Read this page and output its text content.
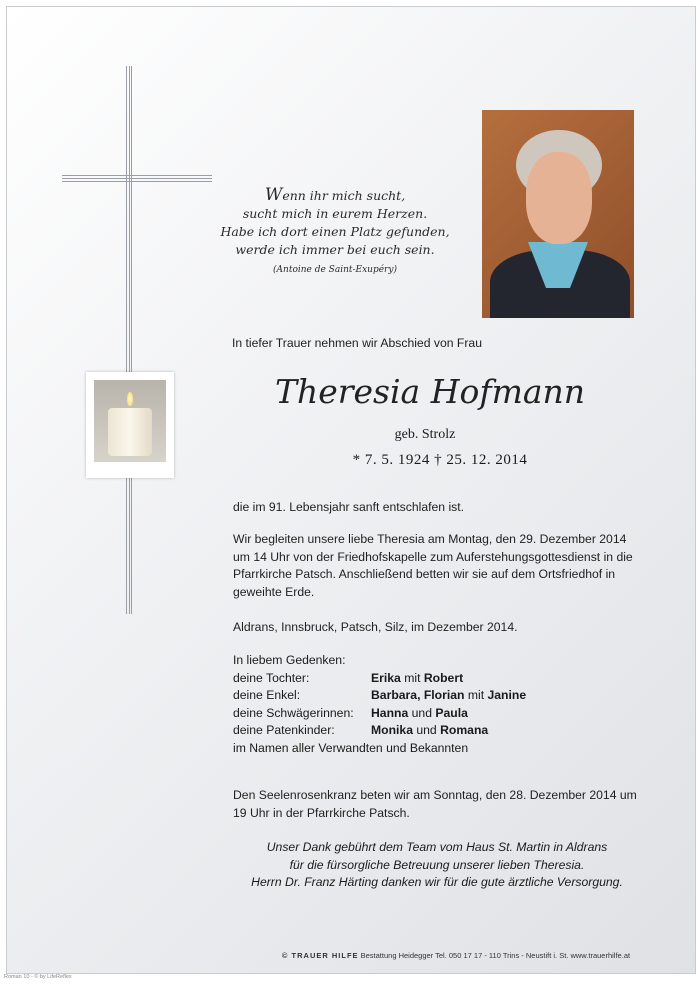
Wenn ihr mich sucht,
sucht mich in eurem Herzen.
Habe ich dort einen Platz gefunden,
werde ich immer bei euch sein.
(Antoine de Saint-Exupéry)
In tiefer Trauer nehmen wir Abschied von Frau
Theresia Hofmann
geb. Strolz
* 7. 5. 1924 † 25. 12. 2014
die im 91. Lebensjahr sanft entschlafen ist.
Wir begleiten unsere liebe Theresia am Montag, den 29. Dezember 2014 um 14 Uhr von der Friedhofskapelle zum Auferstehungsgottesdienst in die Pfarrkirche Patsch. Anschließend betten wir sie auf dem Ortsfriedhof in geweihte Erde.
Aldrans, Innsbruck, Patsch, Silz, im Dezember 2014.
In liebem Gedenken:
deine Tochter:	Erika mit Robert
deine Enkel:	Barbara, Florian mit Janine
deine Schwägerinnen:	Hanna und Paula
deine Patenkinder:	Monika und Romana
im Namen aller Verwandten und Bekannten
Den Seelenrosenkranz beten wir am Sonntag, den 28. Dezember 2014 um 19 Uhr in der Pfarrkirche Patsch.
Unser Dank gebührt dem Team vom Haus St. Martin in Aldrans
für die fürsorgliche Betreuung unserer lieben Theresia.
Herrn Dr. Franz Härting danken wir für die gute ärztliche Versorgung.
© TRAUER HILFE Bestattung Heidegger Tel. 050 17 17 - 110 Trins - Neustift i. St. www.trauerhilfe.at
Roman 10 - © by LifeReflex
